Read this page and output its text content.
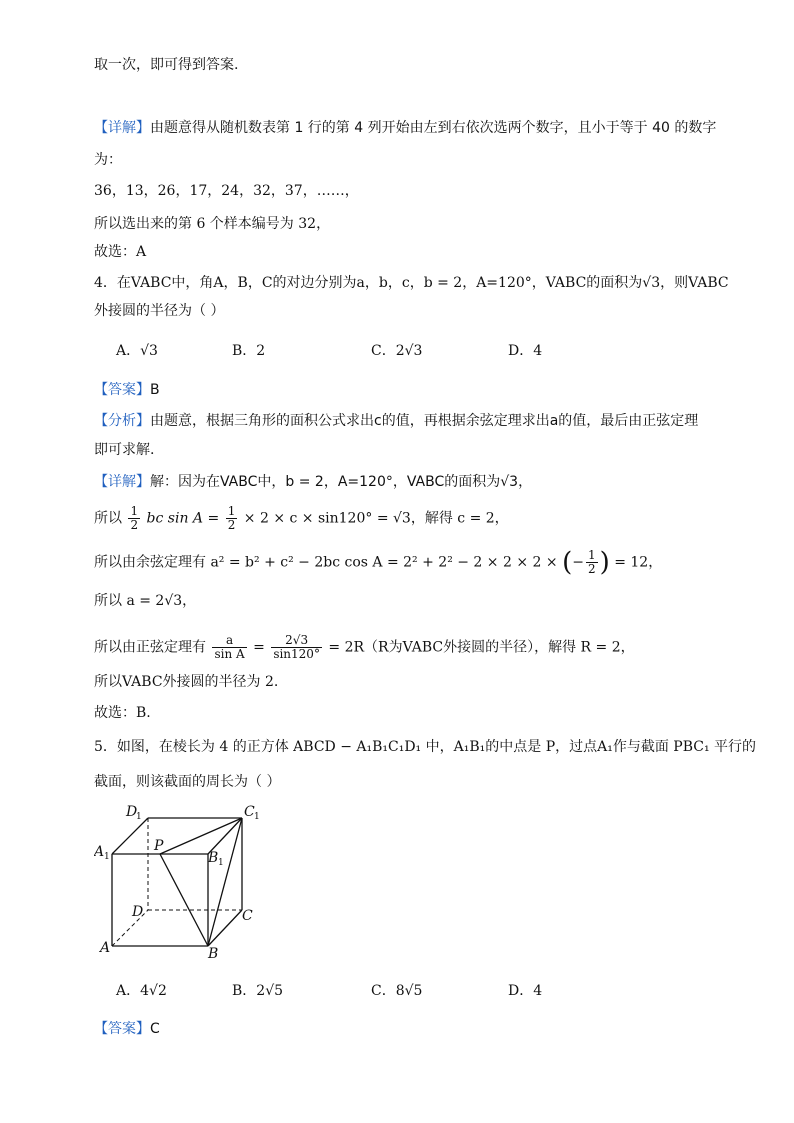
取一次，即可得到答案.
【详解】由题意得从随机数表第 1 行的第 4 列开始由左到右依次选两个数字，且小于等于 40 的数字
为：
36，13，26，17，24，32，37，……，
所以选出来的第 6 个样本编号为 32，
故选：A
4．在VABC中，角A，B，C的对边分别为a，b，c，b = 2，A=120°，VABC的面积为√3，则VABC
外接圆的半径为（ ）
A．√3	B．2	C．2√3	D．4
【答案】B
【分析】由题意，根据三角形的面积公式求出c的值，再根据余弦定理求出a的值，最后由正弦定理
即可求解.
【详解】解：因为在VABC中，b = 2，A=120°，VABC的面积为√3，
所以 $\frac{1}{2}$ bc $\sin A = \frac{1}{2} \times 2 \times c \times \sin 120^\circ = √3$，解得 c = 2，
所以由余弦定理有 a² = b² + c² − 2bc cos A = 2² + 2² − 2 × 2 × 2 × (− $\frac{1}{2}$ ) = 12，
所以 a = 2√3，
所以由正弦定理有 $\frac{a}{\text{sin A}} = \frac{2√3}{\sin 120^\circ} = 2R(R$为VABC外接圆的半径），解得 R = 2，
所以VABC外接圆的半径为 2.
故选：B.
5．如图，在棱长为 4 的正方体 ABCD − A₁B₁C₁D₁ 中，A₁B₁的中点是 P，过点A₁作与截面 PBC₁ 平行的
截面，则该截面的周长为（ ）
D
1	C 1
A 1
P
B 1
D	C
A	B
A．4√2	B．2√5	C．8√5	D．4
【答案】C
